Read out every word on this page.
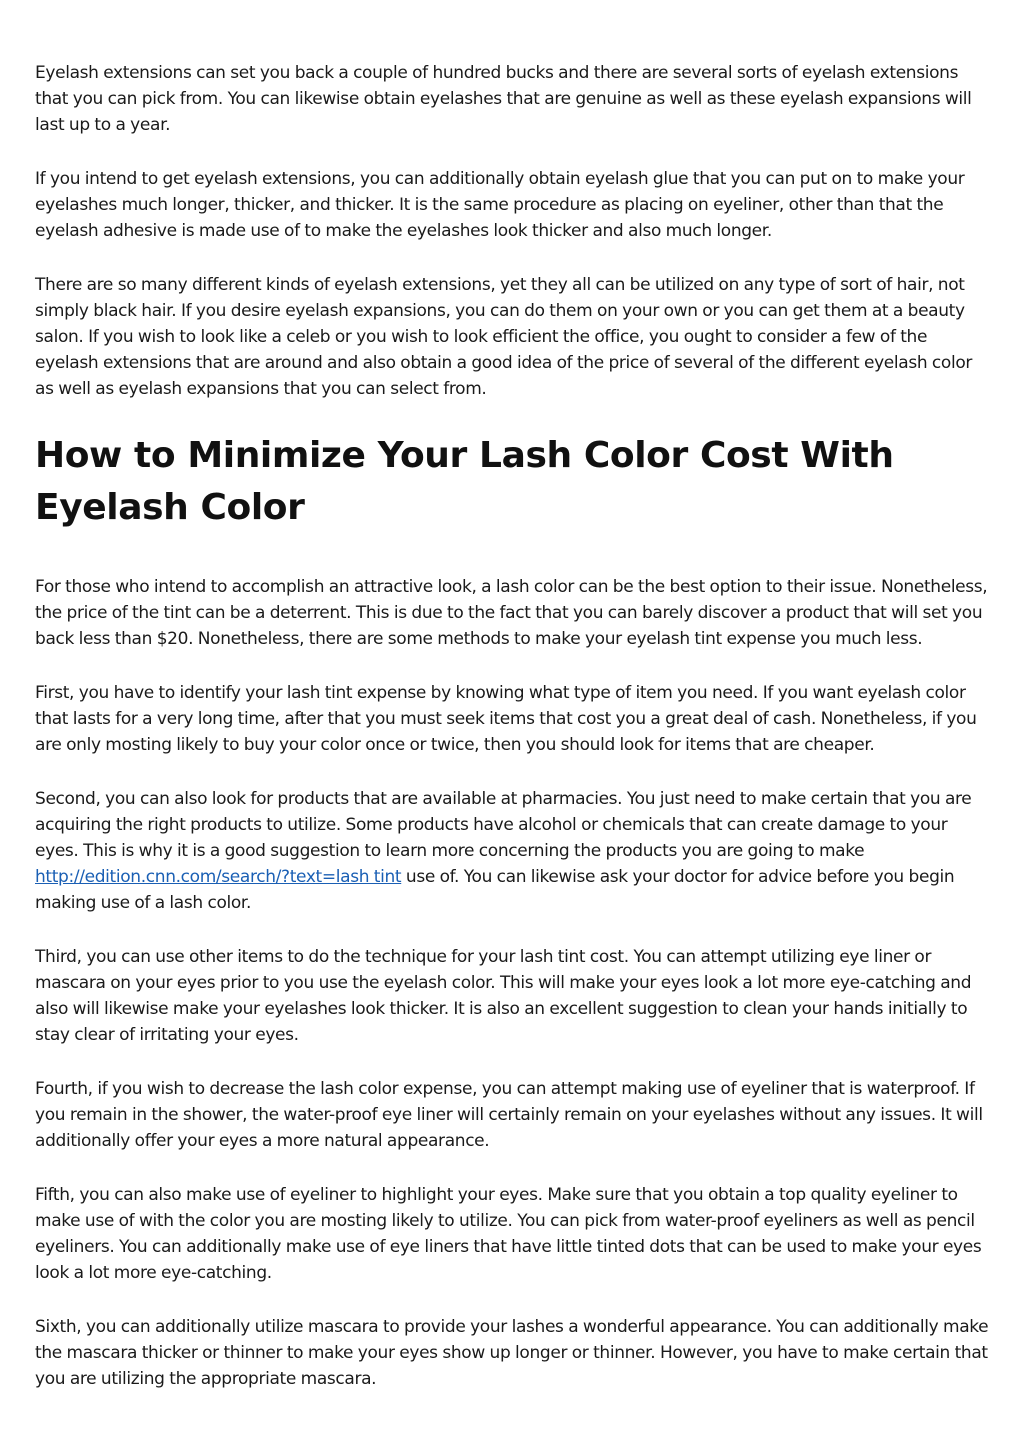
Eyelash extensions can set you back a couple of hundred bucks and there are several sorts of eyelash extensions that you can pick from. You can likewise obtain eyelashes that are genuine as well as these eyelash expansions will last up to a year.

If you intend to get eyelash extensions, you can additionally obtain eyelash glue that you can put on to make your eyelashes much longer, thicker, and thicker. It is the same procedure as placing on eyeliner, other than that the eyelash adhesive is made use of to make the eyelashes look thicker and also much longer.

There are so many different kinds of eyelash extensions, yet they all can be utilized on any type of sort of hair, not simply black hair. If you desire eyelash expansions, you can do them on your own or you can get them at a beauty salon. If you wish to look like a celeb or you wish to look efficient the office, you ought to consider a few of the eyelash extensions that are around and also obtain a good idea of the price of several of the different eyelash color as well as eyelash expansions that you can select from.

How to Minimize Your Lash Color Cost With Eyelash Color

For those who intend to accomplish an attractive look, a lash color can be the best option to their issue. Nonetheless, the price of the tint can be a deterrent. This is due to the fact that you can barely discover a product that will set you back less than $20. Nonetheless, there are some methods to make your eyelash tint expense you much less.

First, you have to identify your lash tint expense by knowing what type of item you need. If you want eyelash color that lasts for a very long time, after that you must seek items that cost you a great deal of cash. Nonetheless, if you are only mosting likely to buy your color once or twice, then you should look for items that are cheaper.

Second, you can also look for products that are available at pharmacies. You just need to make certain that you are acquiring the right products to utilize. Some products have alcohol or chemicals that can create damage to your eyes. This is why it is a good suggestion to learn more concerning the products you are going to make http://edition.cnn.com/search/?text=lash tint use of. You can likewise ask your doctor for advice before you begin making use of a lash color.

Third, you can use other items to do the technique for your lash tint cost. You can attempt utilizing eye liner or mascara on your eyes prior to you use the eyelash color. This will make your eyes look a lot more eye-catching and also will likewise make your eyelashes look thicker. It is also an excellent suggestion to clean your hands initially to stay clear of irritating your eyes.

Fourth, if you wish to decrease the lash color expense, you can attempt making use of eyeliner that is waterproof. If you remain in the shower, the water-proof eye liner will certainly remain on your eyelashes without any issues. It will additionally offer your eyes a more natural appearance.

Fifth, you can also make use of eyeliner to highlight your eyes. Make sure that you obtain a top quality eyeliner to make use of with the color you are mosting likely to utilize. You can pick from water-proof eyeliners as well as pencil eyeliners. You can additionally make use of eye liners that have little tinted dots that can be used to make your eyes look a lot more eye-catching.

Sixth, you can additionally utilize mascara to provide your lashes a wonderful appearance. You can additionally make the mascara thicker or thinner to make your eyes show up longer or thinner. However, you have to make certain that you are utilizing the appropriate mascara.
